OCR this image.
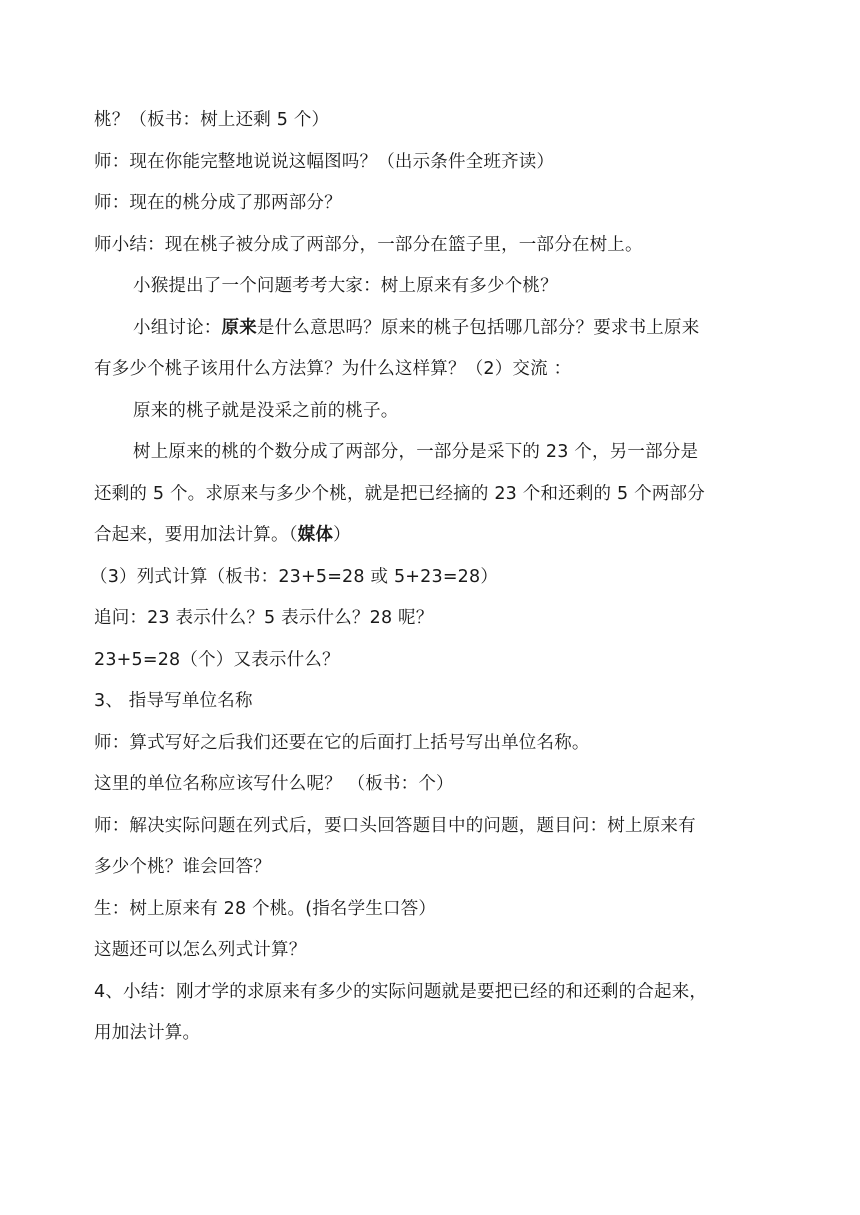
桃？（板书：树上还剩 5 个）
师：现在你能完整地说说这幅图吗？（出示条件全班齐读）
师：现在的桃分成了那两部分？
师小结：现在桃子被分成了两部分，一部分在篮子里，一部分在树上。
小猴提出了一个问题考考大家：树上原来有多少个桃？
小组讨论：原来是什么意思吗？原来的桃子包括哪几部分？要求书上原来
有多少个桃子该用什么方法算？为什么这样算？（2）交流 ：
原来的桃子就是没采之前的桃子。
树上原来的桃的个数分成了两部分，一部分是采下的 23 个，另一部分是
还剩的 5 个。求原来与多少个桃，就是把已经摘的 23 个和还剩的 5 个两部分
合起来，要用加法计算。（媒体）
（3）列式计算（板书：23+5=28 或 5+23=28）
追问：23 表示什么？5 表示什么？28 呢？
23+5=28（个）又表示什么？
3、 指导写单位名称
师：算式写好之后我们还要在它的后面打上括号写出单位名称。
这里的单位名称应该写什么呢？ （板书：个）
师：解决实际问题在列式后，要口头回答题目中的问题，题目问：树上原来有
多少个桃？谁会回答？
生：树上原来有 28 个桃。(指名学生口答）
这题还可以怎么列式计算？
4、小结：刚才学的求原来有多少的实际问题就是要把已经的和还剩的合起来，
用加法计算。
